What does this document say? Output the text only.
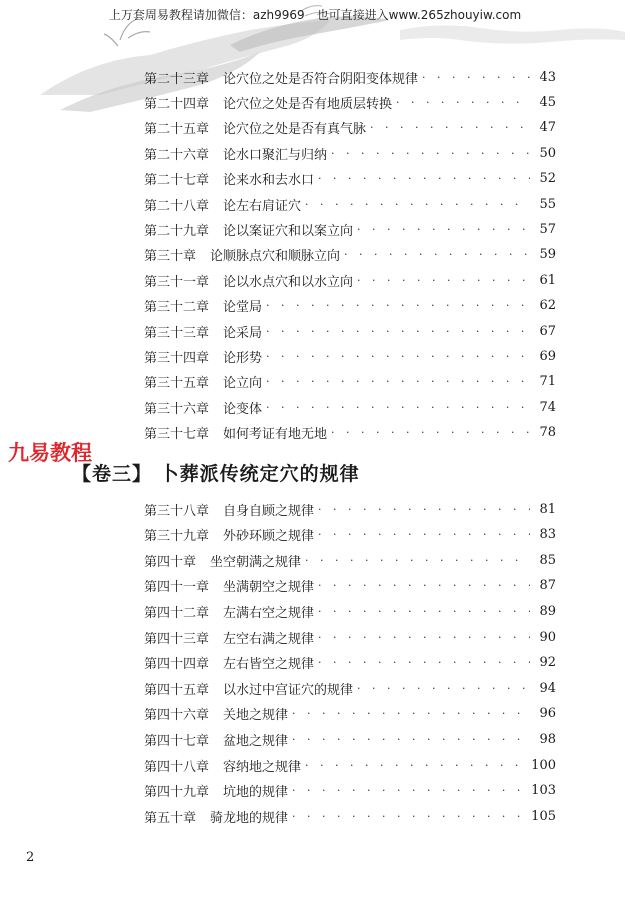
上万套周易教程请加微信：azh9969　也可直接进入www.265zhouyiw.com
第二十三章 论穴位之处是否符合阴阳变体规律 · · ·	43
第二十四章 论穴位之处是否有地质层转换 · · ·	45
第二十五章 论穴位之处是否有真气脉 · · ·	47
第二十六章 论水口聚汇与归纳 · · ·	50
第二十七章 论来水和去水口 · · ·	52
第二十八章 论左右肩证穴 · · ·	55
第二十九章 论以案证穴和以案立向 · · ·	57
第三十章 论顺脉点穴和顺脉立向 · · ·	59
第三十一章 论以水点穴和以水立向 · · ·	61
第三十二章 论堂局 · · ·	62
第三十三章 论采局 · · ·	67
第三十四章 论形势 · · ·	69
第三十五章 论立向 · · ·	71
第三十六章 论变体 · · ·	74
第三十七章 如何考证有地无地 · · ·	78
九易教程
【卷三】 卜葬派传统定穴的规律
第三十八章 自身自顾之规律 · · ·	81
第三十九章 外砂环顾之规律 · · ·	83
第四十章 坐空朝满之规律 · · ·	85
第四十一章 坐满朝空之规律 · · ·	87
第四十二章 左满右空之规律 · · ·	89
第四十三章 左空右满之规律 · · ·	90
第四十四章 左右皆空之规律 · · ·	92
第四十五章 以水过中宫证穴的规律 · · ·	94
第四十六章 关地之规律 · · ·	96
第四十七章 盆地之规律 · · ·	98
第四十八章 容纳地之规律 · · ·	100
第四十九章 坑地的规律 · · ·	103
第五十章 骑龙地的规律 · · ·	105
2
